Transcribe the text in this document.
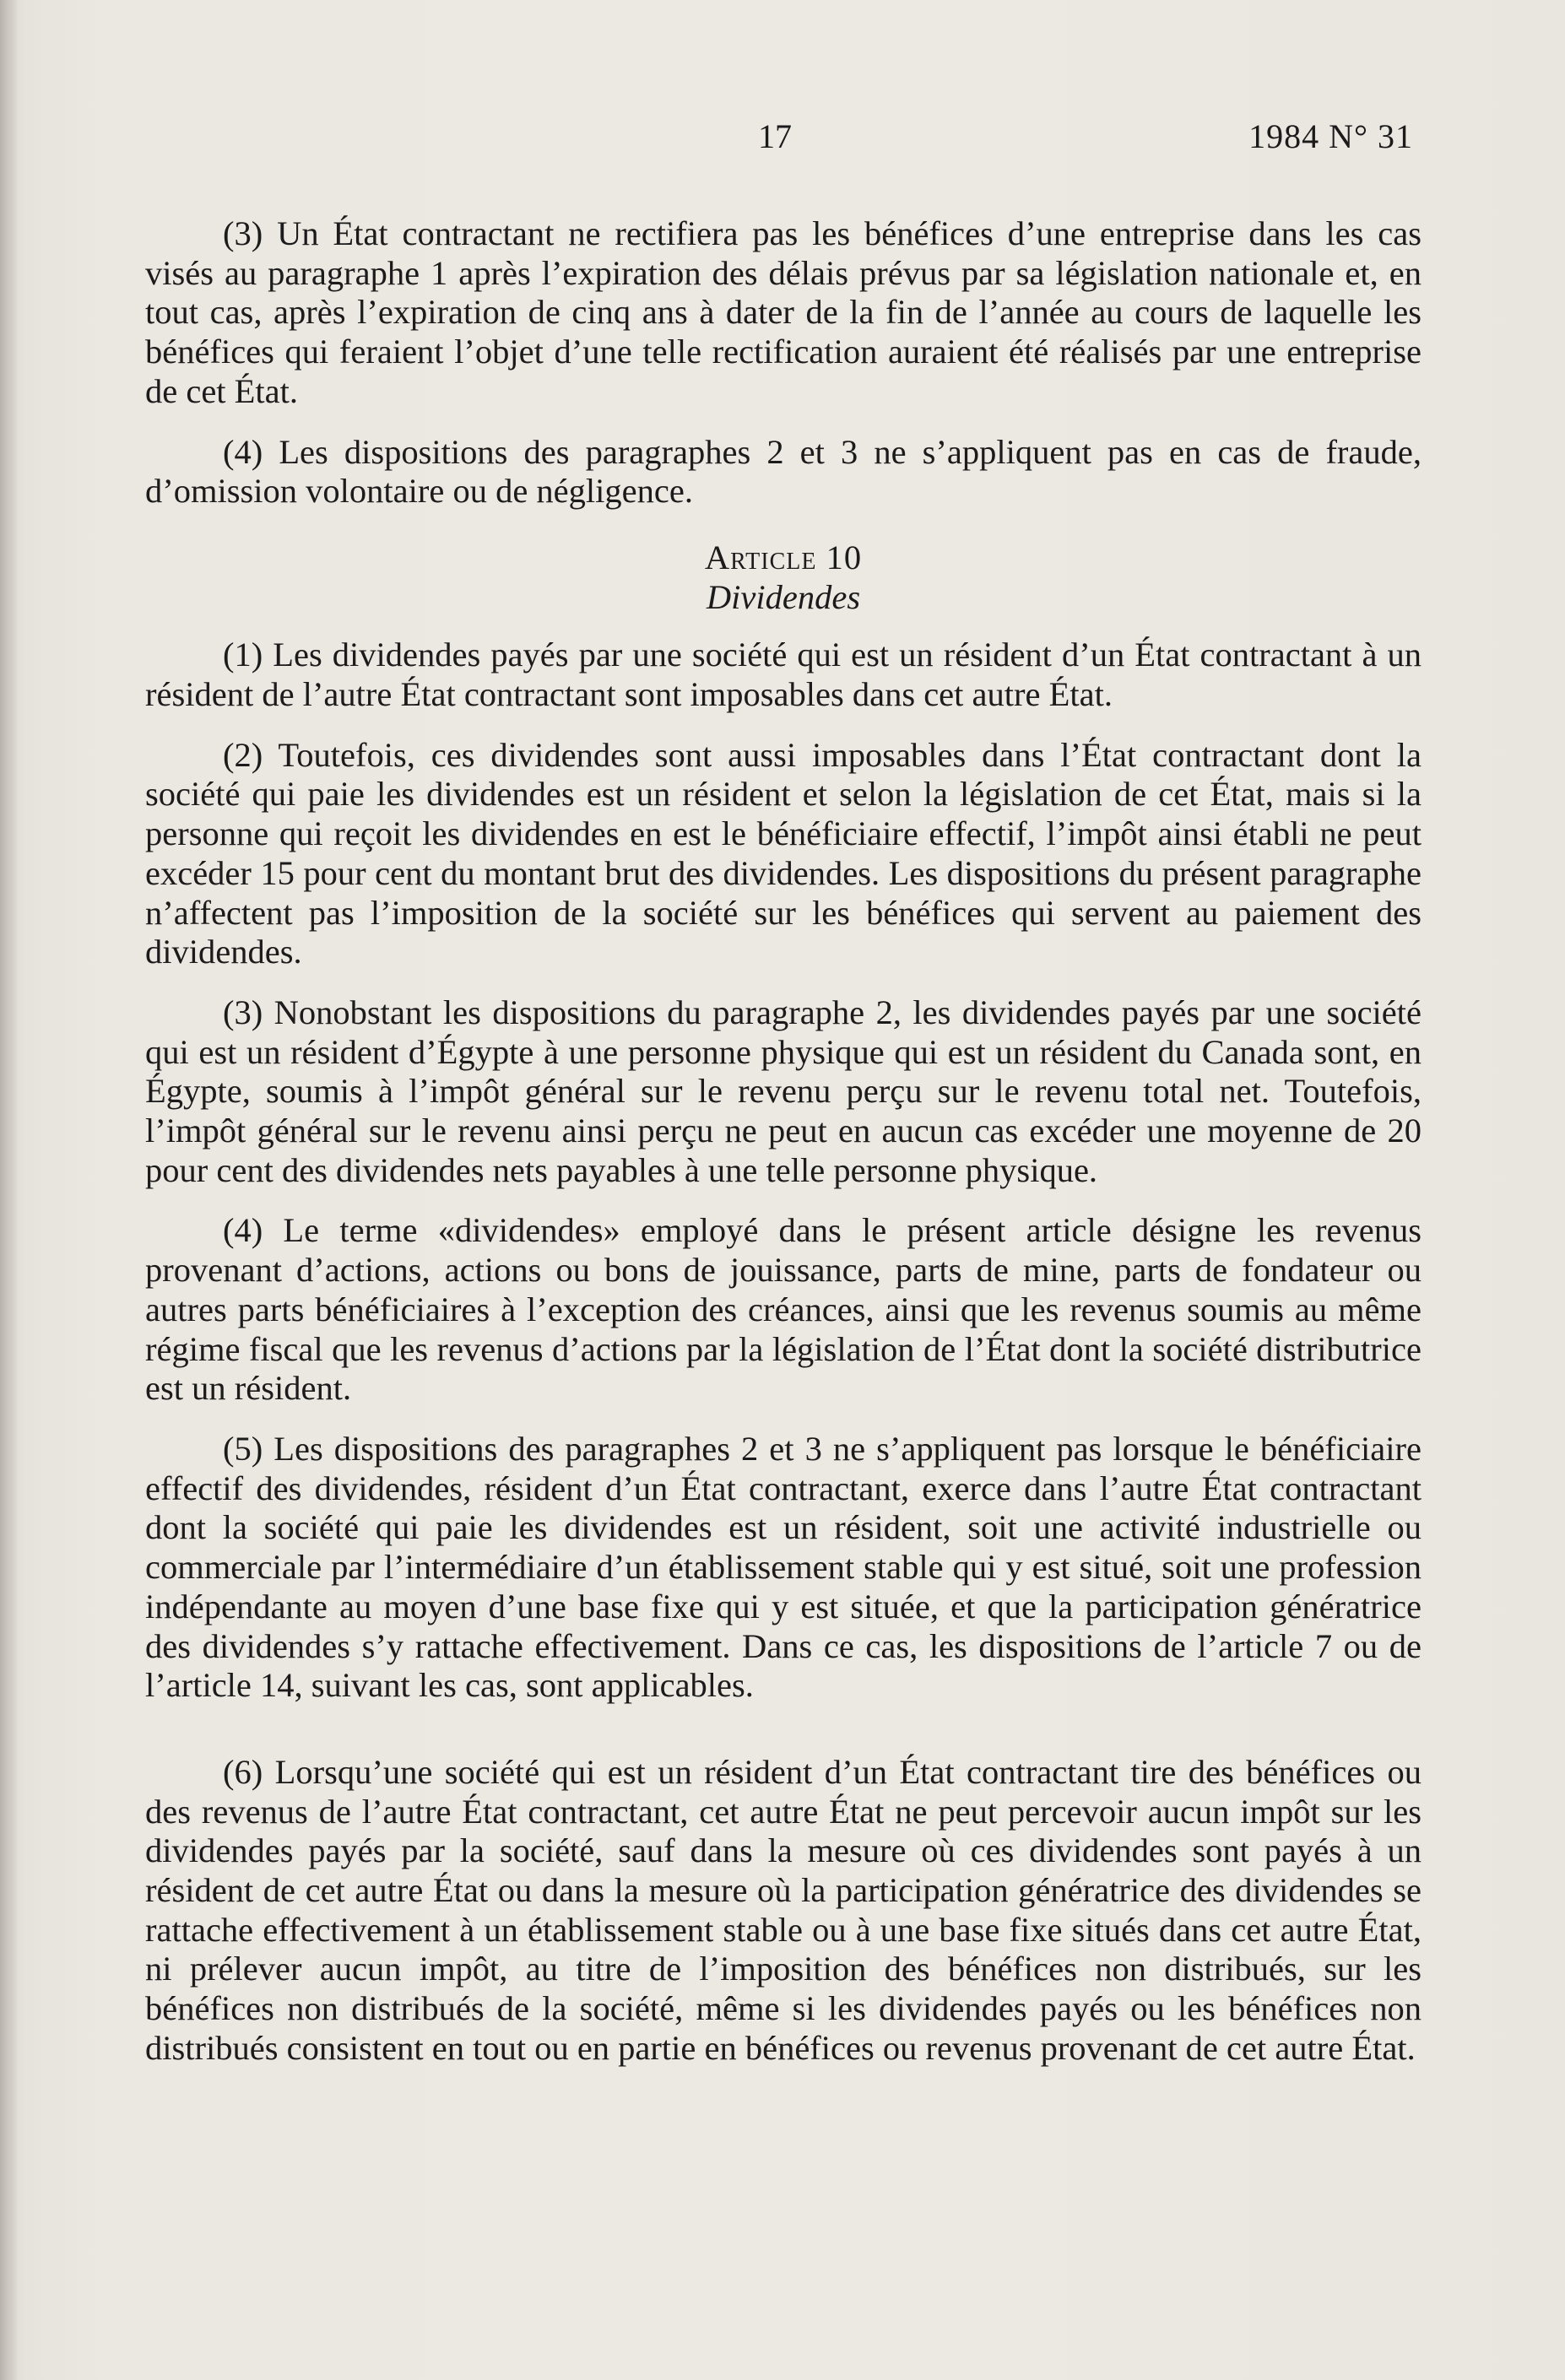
17	1984 N° 31

(3) Un État contractant ne rectifiera pas les bénéfices d’une entreprise dans les cas visés au paragraphe 1 après l’expiration des délais prévus par sa législation nationale et, en tout cas, après l’expiration de cinq ans à dater de la fin de l’année au cours de laquelle les bénéfices qui feraient l’objet d’une telle rectification auraient été réalisés par une entreprise de cet État.

(4) Les dispositions des paragraphes 2 et 3 ne s’appliquent pas en cas de fraude, d’omission volontaire ou de négligence.

Article 10
Dividendes

(1) Les dividendes payés par une société qui est un résident d’un État contractant à un résident de l’autre État contractant sont imposables dans cet autre État.

(2) Toutefois, ces dividendes sont aussi imposables dans l’État contractant dont la société qui paie les dividendes est un résident et selon la législation de cet État, mais si la personne qui reçoit les dividendes en est le bénéficiaire effectif, l’impôt ainsi établi ne peut excéder 15 pour cent du montant brut des dividendes. Les dispositions du présent paragraphe n’affectent pas l’imposition de la société sur les bénéfices qui servent au paiement des dividendes.

(3) Nonobstant les dispositions du paragraphe 2, les dividendes payés par une société qui est un résident d’Égypte à une personne physique qui est un résident du Canada sont, en Égypte, soumis à l’impôt général sur le revenu perçu sur le revenu total net. Toutefois, l’impôt général sur le revenu ainsi perçu ne peut en aucun cas excéder une moyenne de 20 pour cent des dividendes nets payables à une telle personne physique.

(4) Le terme «dividendes» employé dans le présent article désigne les revenus provenant d’actions, actions ou bons de jouissance, parts de mine, parts de fondateur ou autres parts bénéficiaires à l’exception des créances, ainsi que les revenus soumis au même régime fiscal que les revenus d’actions par la législation de l’État dont la société distributrice est un résident.

(5) Les dispositions des paragraphes 2 et 3 ne s’appliquent pas lorsque le bénéficiaire effectif des dividendes, résident d’un État contractant, exerce dans l’autre État contractant dont la société qui paie les dividendes est un résident, soit une activité industrielle ou commerciale par l’intermédiaire d’un établissement stable qui y est situé, soit une profession indépendante au moyen d’une base fixe qui y est située, et que la participation génératrice des dividendes s’y rattache effectivement. Dans ce cas, les dispositions de l’article 7 ou de l’article 14, suivant les cas, sont applicables.

(6) Lorsqu’une société qui est un résident d’un État contractant tire des bénéfices ou des revenus de l’autre État contractant, cet autre État ne peut percevoir aucun impôt sur les dividendes payés par la société, sauf dans la mesure où ces dividendes sont payés à un résident de cet autre État ou dans la mesure où la participation génératrice des dividendes se rattache effectivement à un établissement stable ou à une base fixe situés dans cet autre État, ni prélever aucun impôt, au titre de l’imposition des bénéfices non distribués, sur les bénéfices non distribués de la société, même si les dividendes payés ou les bénéfices non distribués consistent en tout ou en partie en bénéfices ou revenus provenant de cet autre État.
